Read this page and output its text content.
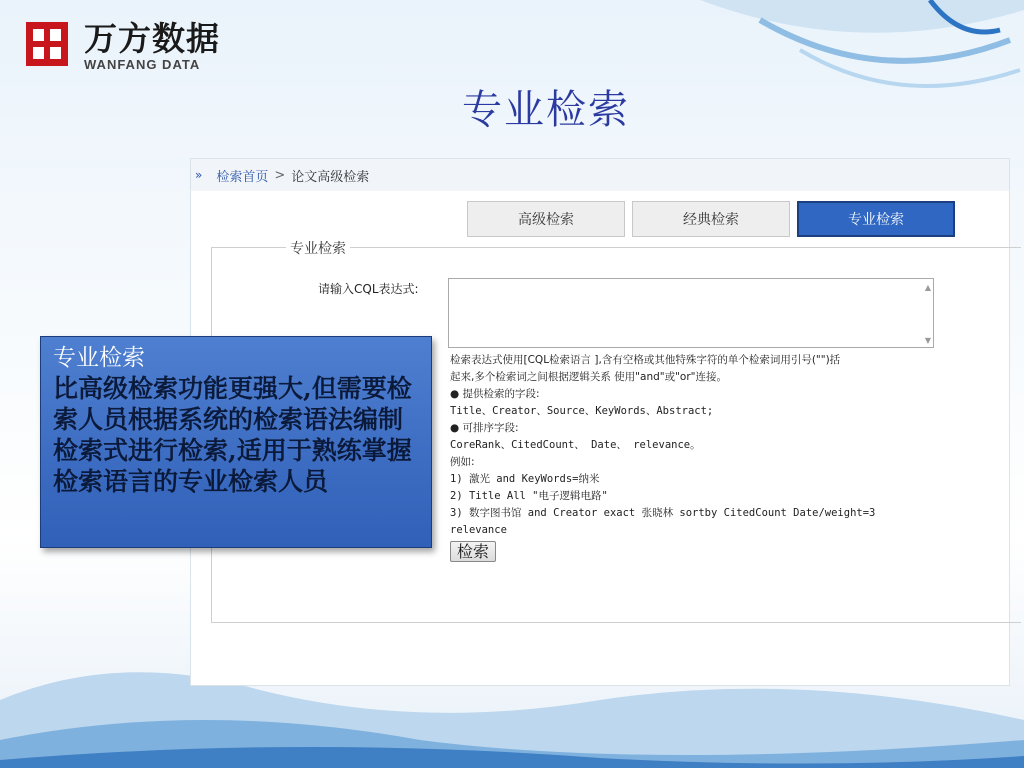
万方数据
WANFANG DATA
专业检索
» 检索首页 > 论文高级检索
高级检索	经典检索	专业检索
专业检索
请输入CQL表达式:	▲
▼
检索表达式使用[CQL检索语言 ],含有空格或其他特殊字符的单个检索词用引号("")括
起来,多个检索词之间根据逻辑关系 使用"and"或"or"连接。
● 提供检索的字段:
Title、Creator、Source、KeyWords、Abstract;
● 可排序字段:
CoreRank、CitedCount、 Date、 relevance。
例如:
1) 激光 and KeyWords=纳米
2) Title All "电子逻辑电路"
3) 数字图书馆 and Creator exact 张晓林 sortby CitedCount Date/weight=3
relevance
检索
专业检索
比高级检索功能更强大,但需要检索人员根据系统的检索语法编制检索式进行检索,适用于熟练掌握检索语言的专业检索人员
